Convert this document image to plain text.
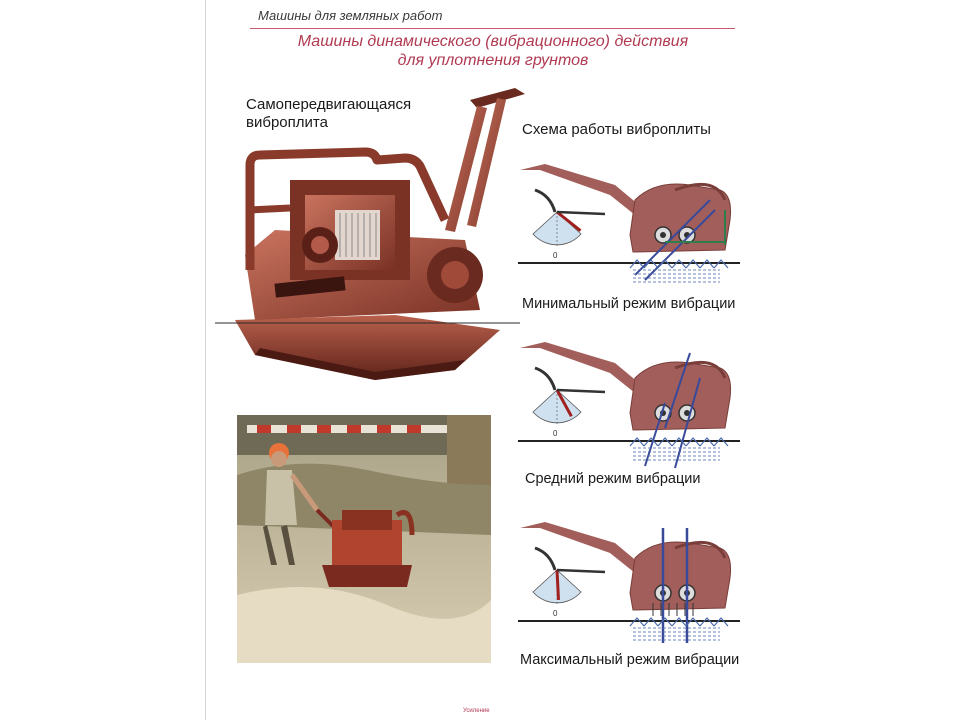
Машины для земляных работ
Машины динамического (вибрационного) действия
для уплотнения грунтов
Самопередвигающаяся
виброплита	Схема работы виброплиты
0
0
0
Минимальный режим вибрации
Средний режим вибрации
Максимальный режим вибрации
Усиление
